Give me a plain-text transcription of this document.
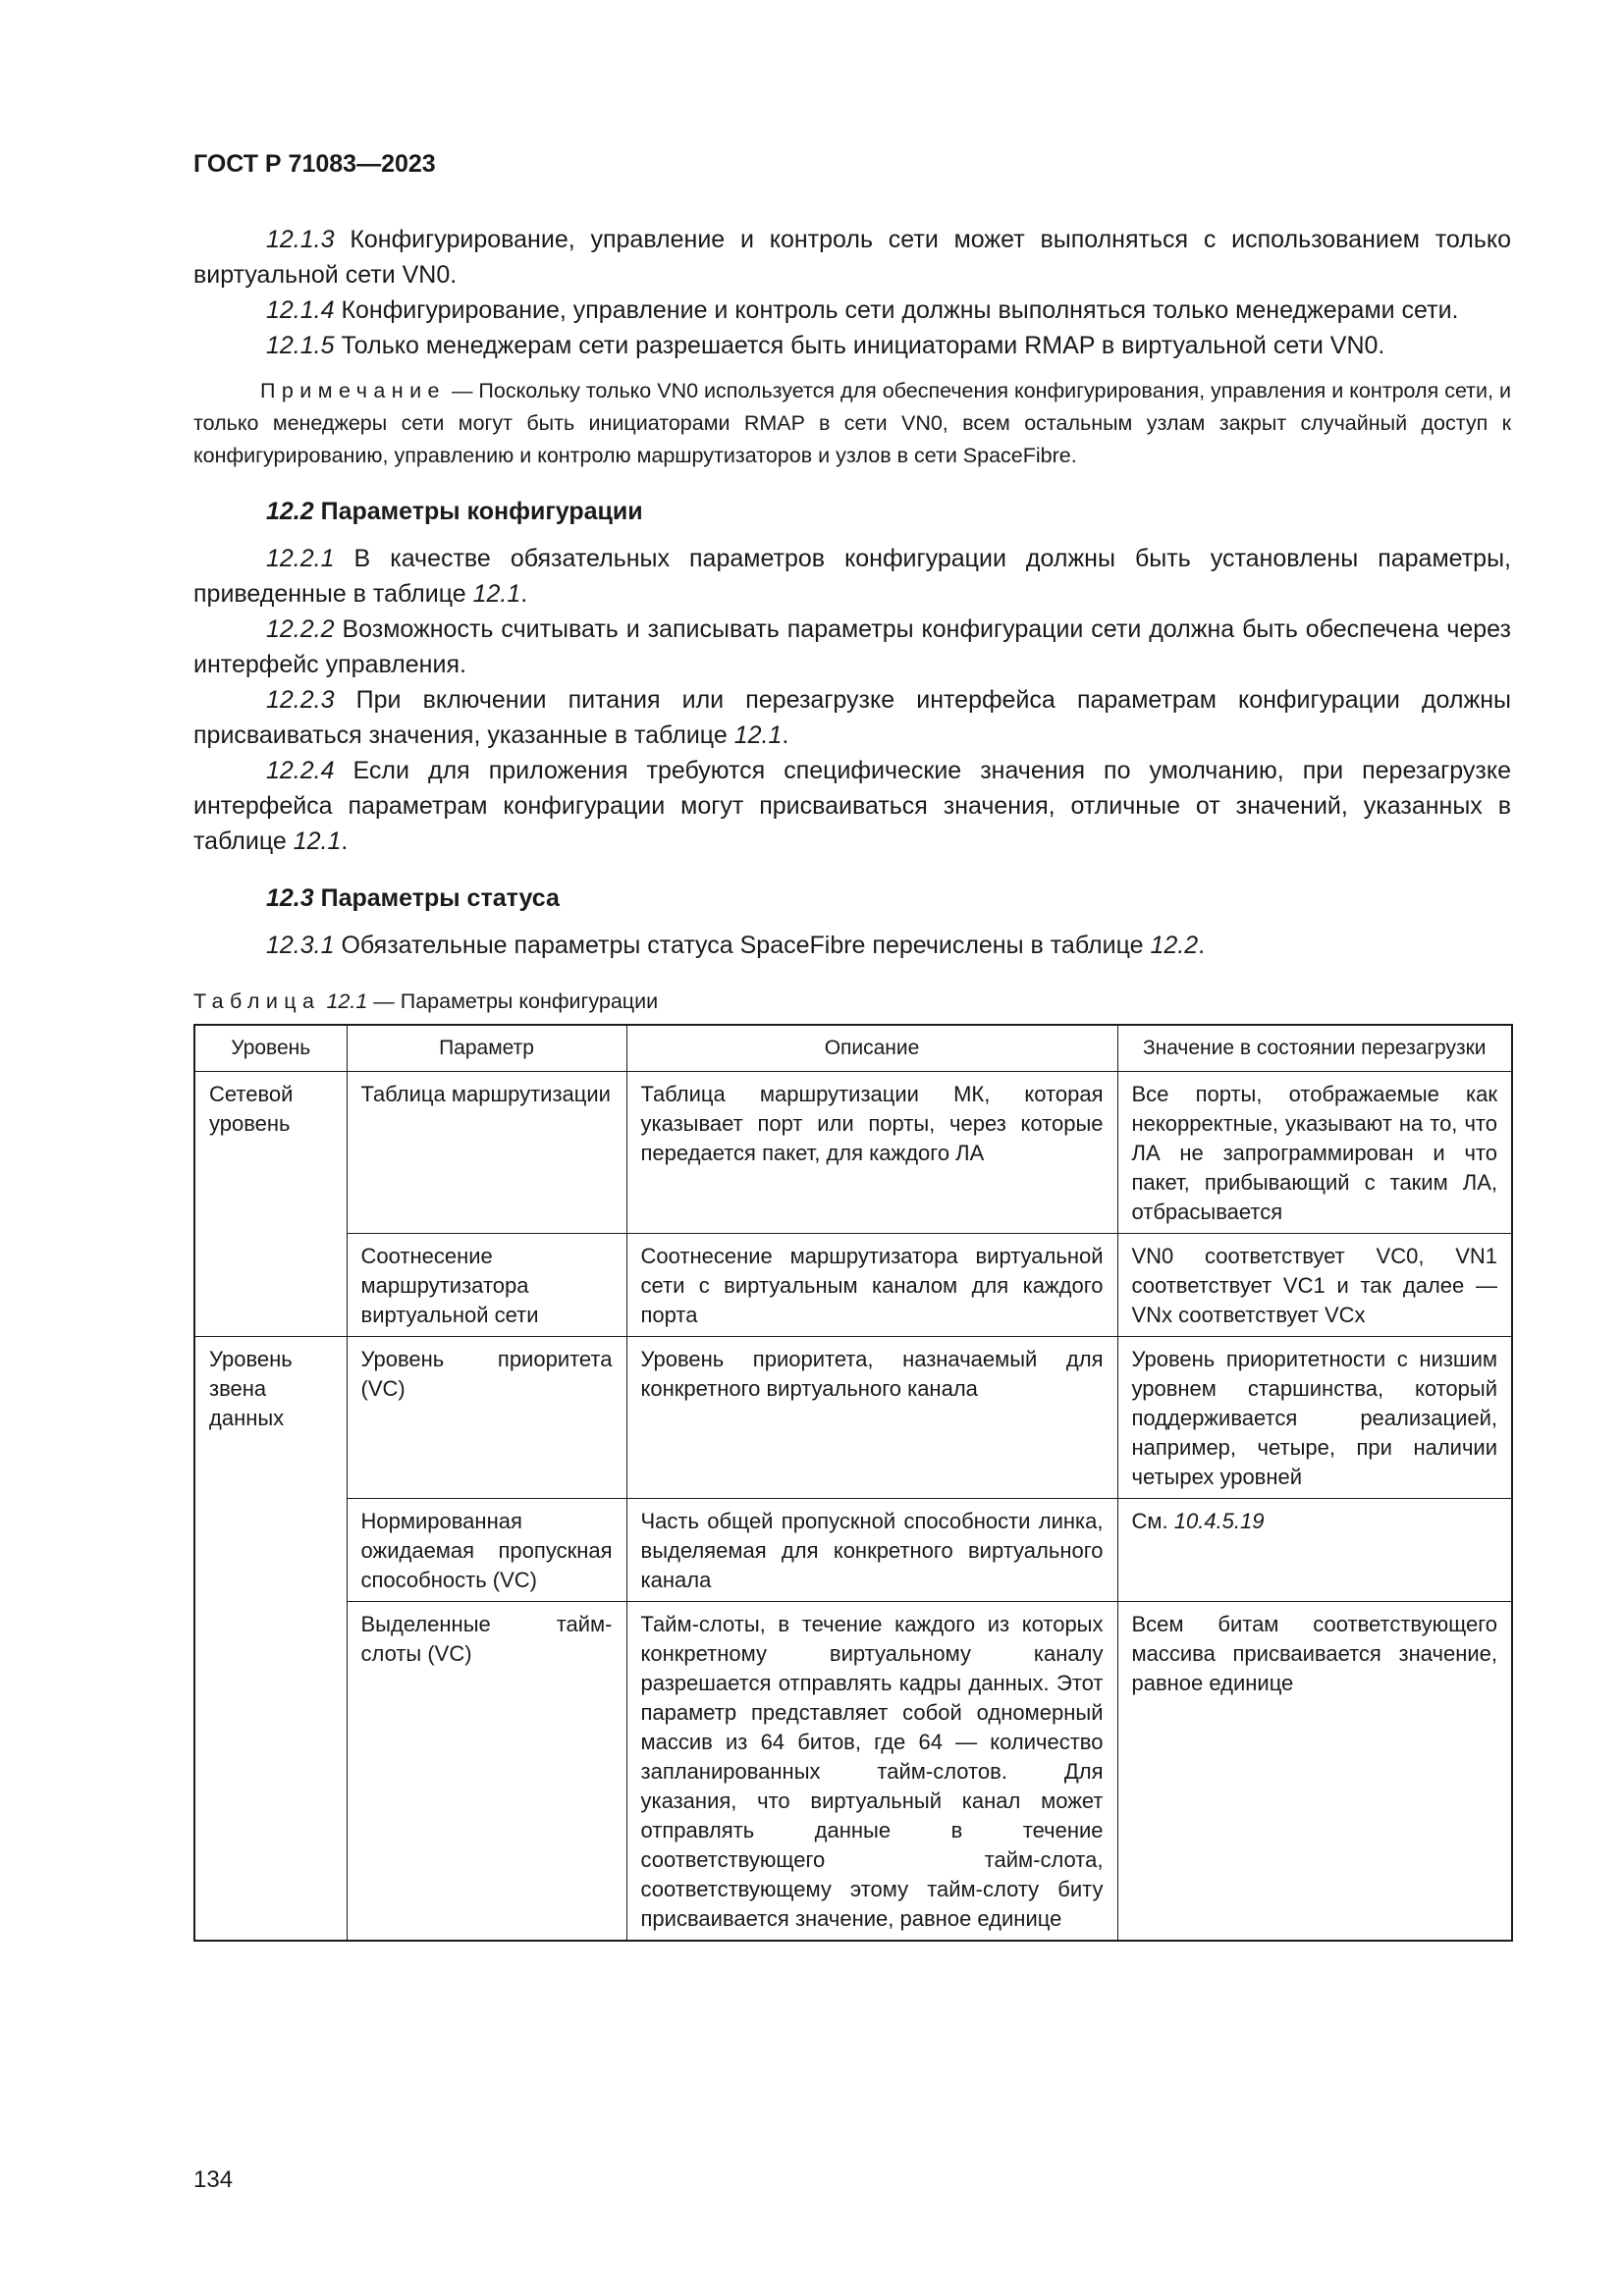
ГОСТ Р 71083—2023

12.1.3 Конфигурирование, управление и контроль сети может выполняться с использованием только виртуальной сети VN0.

12.1.4 Конфигурирование, управление и контроль сети должны выполняться только менеджерами сети.

12.1.5 Только менеджерам сети разрешается быть инициаторами RMAP в виртуальной сети VN0.

Примечание — Поскольку только VN0 используется для обеспечения конфигурирования, управления и контроля сети, и только менеджеры сети могут быть инициаторами RMAP в сети VN0, всем остальным узлам закрыт случайный доступ к конфигурированию, управлению и контролю маршрутизаторов и узлов в сети SpaceFibre.

12.2 Параметры конфигурации

12.2.1 В качестве обязательных параметров конфигурации должны быть установлены параметры, приведенные в таблице 12.1.

12.2.2 Возможность считывать и записывать параметры конфигурации сети должна быть обеспечена через интерфейс управления.

12.2.3 При включении питания или перезагрузке интерфейса параметрам конфигурации должны присваиваться значения, указанные в таблице 12.1.

12.2.4 Если для приложения требуются специфические значения по умолчанию, при перезагрузке интерфейса параметрам конфигурации могут присваиваться значения, отличные от значений, указанных в таблице 12.1.

12.3 Параметры статуса

12.3.1 Обязательные параметры статуса SpaceFibre перечислены в таблице 12.2.

Таблица 12.1 — Параметры конфигурации
Уровень	Параметр	Описание	Значение в состоянии перезагрузки
Сетевой уровень	Таблица маршрутизации	Таблица маршрутизации МК, которая указывает порт или порты, через которые передается пакет, для каждого ЛА	Все порты, отображаемые как некорректные, указывают на то, что ЛА не запрограммирован и что пакет, прибывающий с таким ЛА, отбрасывается
	Соотнесение маршрутизатора виртуальной сети	Соотнесение маршрутизатора виртуальной сети с виртуальным каналом для каждого порта	VN0 соответствует VC0, VN1 соответствует VC1 и так далее — VNx соответствует VCx
Уровень звена данных	Уровень приоритета (VC)	Уровень приоритета, назначаемый для конкретного виртуального канала	Уровень приоритетности с низшим уровнем старшинства, который поддерживается реализацией, например, четыре, при наличии четырех уровней
	Нормированная ожидаемая пропускная способность (VC)	Часть общей пропускной способности линка, выделяемая для конкретного виртуального канала	См. 10.4.5.19
	Выделенные тайм-слоты (VC)	Тайм-слоты, в течение каждого из которых конкретному виртуальному каналу разрешается отправлять кадры данных. Этот параметр представляет собой одномерный массив из 64 битов, где 64 — количество запланированных тайм-слотов. Для указания, что виртуальный канал может отправлять данные в течение соответствующего тайм-слота, соответствующему этому тайм-слоту биту присваивается значение, равное единице	Всем битам соответствующего массива присваивается значение, равное единице
134
